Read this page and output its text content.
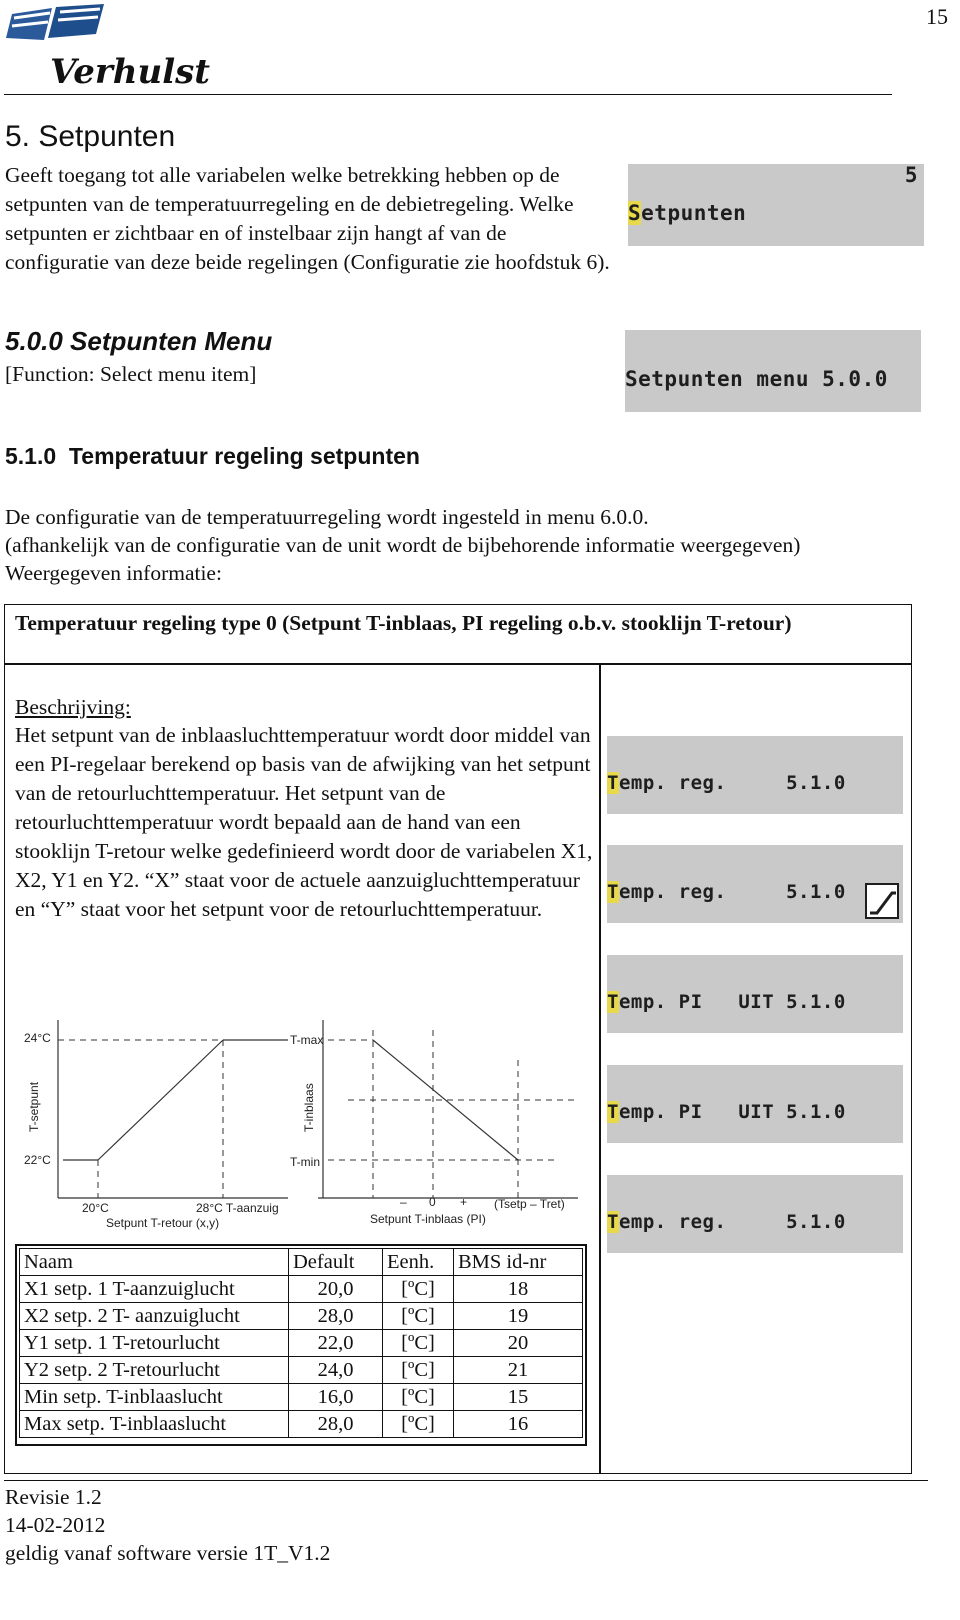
Verhulst
15
5. Setpunten
Geeft toegang tot alle variabelen welke betrekking hebben op de setpunten van de temperatuurregeling en de debietregeling. Welke setpunten er zichtbaar en of instelbaar zijn hangt af van de configuratie van deze beide regelingen (Configuratie zie hoofdstuk 6).

Setpunten
5

5.0.0 Setpunten Menu
[Function: Select menu item]

	Setpunten menu 5.0.0

5.1.0  Temperatuur regeling setpunten
De configuratie van de temperatuurregeling wordt ingesteld in menu 6.0.0.
(afhankelijk van de configuratie van de unit wordt de bijbehorende informatie weergegeven)
Weergegeven informatie:
Temperatuur regeling type 0 (Setpunt T-inblaas, PI regeling o.b.v. stooklijn T-retour)
Beschrijving:
Het setpunt van de inblaasluchttemperatuur wordt door middel van een PI-regelaar berekend op basis van de afwijking van het setpunt van de retourluchttemperatuur. Het setpunt van de retourluchttemperatuur wordt bepaald aan de hand van een stooklijn T-retour welke gedefinieerd wordt door de variabelen X1, X2, Y1 en Y2. “X” staat voor de actuele aanzuigluchttemperatuur en “Y” staat voor het setpunt voor de retourluchttemperatuur.

Temp. reg.     5.1.0

Temp. reg.     5.1.0

Temp. PI   UIT 5.1.0

Temp. PI   UIT 5.1.0

Temp. reg.     5.1.0

24°C
22°C
T-setpunt
20°C	28°C T-aanzuig
Setpunt T-retour (x,y)
T-max
T-min
T-inblaas
– 0 + (Tsetp – Tret)
Setpunt T-inblaas (PI)
Naam	Default	Eenh.	BMS id-nr
X1 setp. 1 T-aanzuiglucht	20,0	[ºC]	18
X2 setp. 2 T- aanzuiglucht	28,0	[ºC]	19
Y1 setp. 1 T-retourlucht	22,0	[ºC]	20
Y2 setp. 2 T-retourlucht	24,0	[ºC]	21
Min setp. T-inblaaslucht	16,0	[ºC]	15
Max setp. T-inblaaslucht	28,0	[ºC]	16
Revisie 1.2
14-02-2012
geldig vanaf software versie 1T_V1.2
